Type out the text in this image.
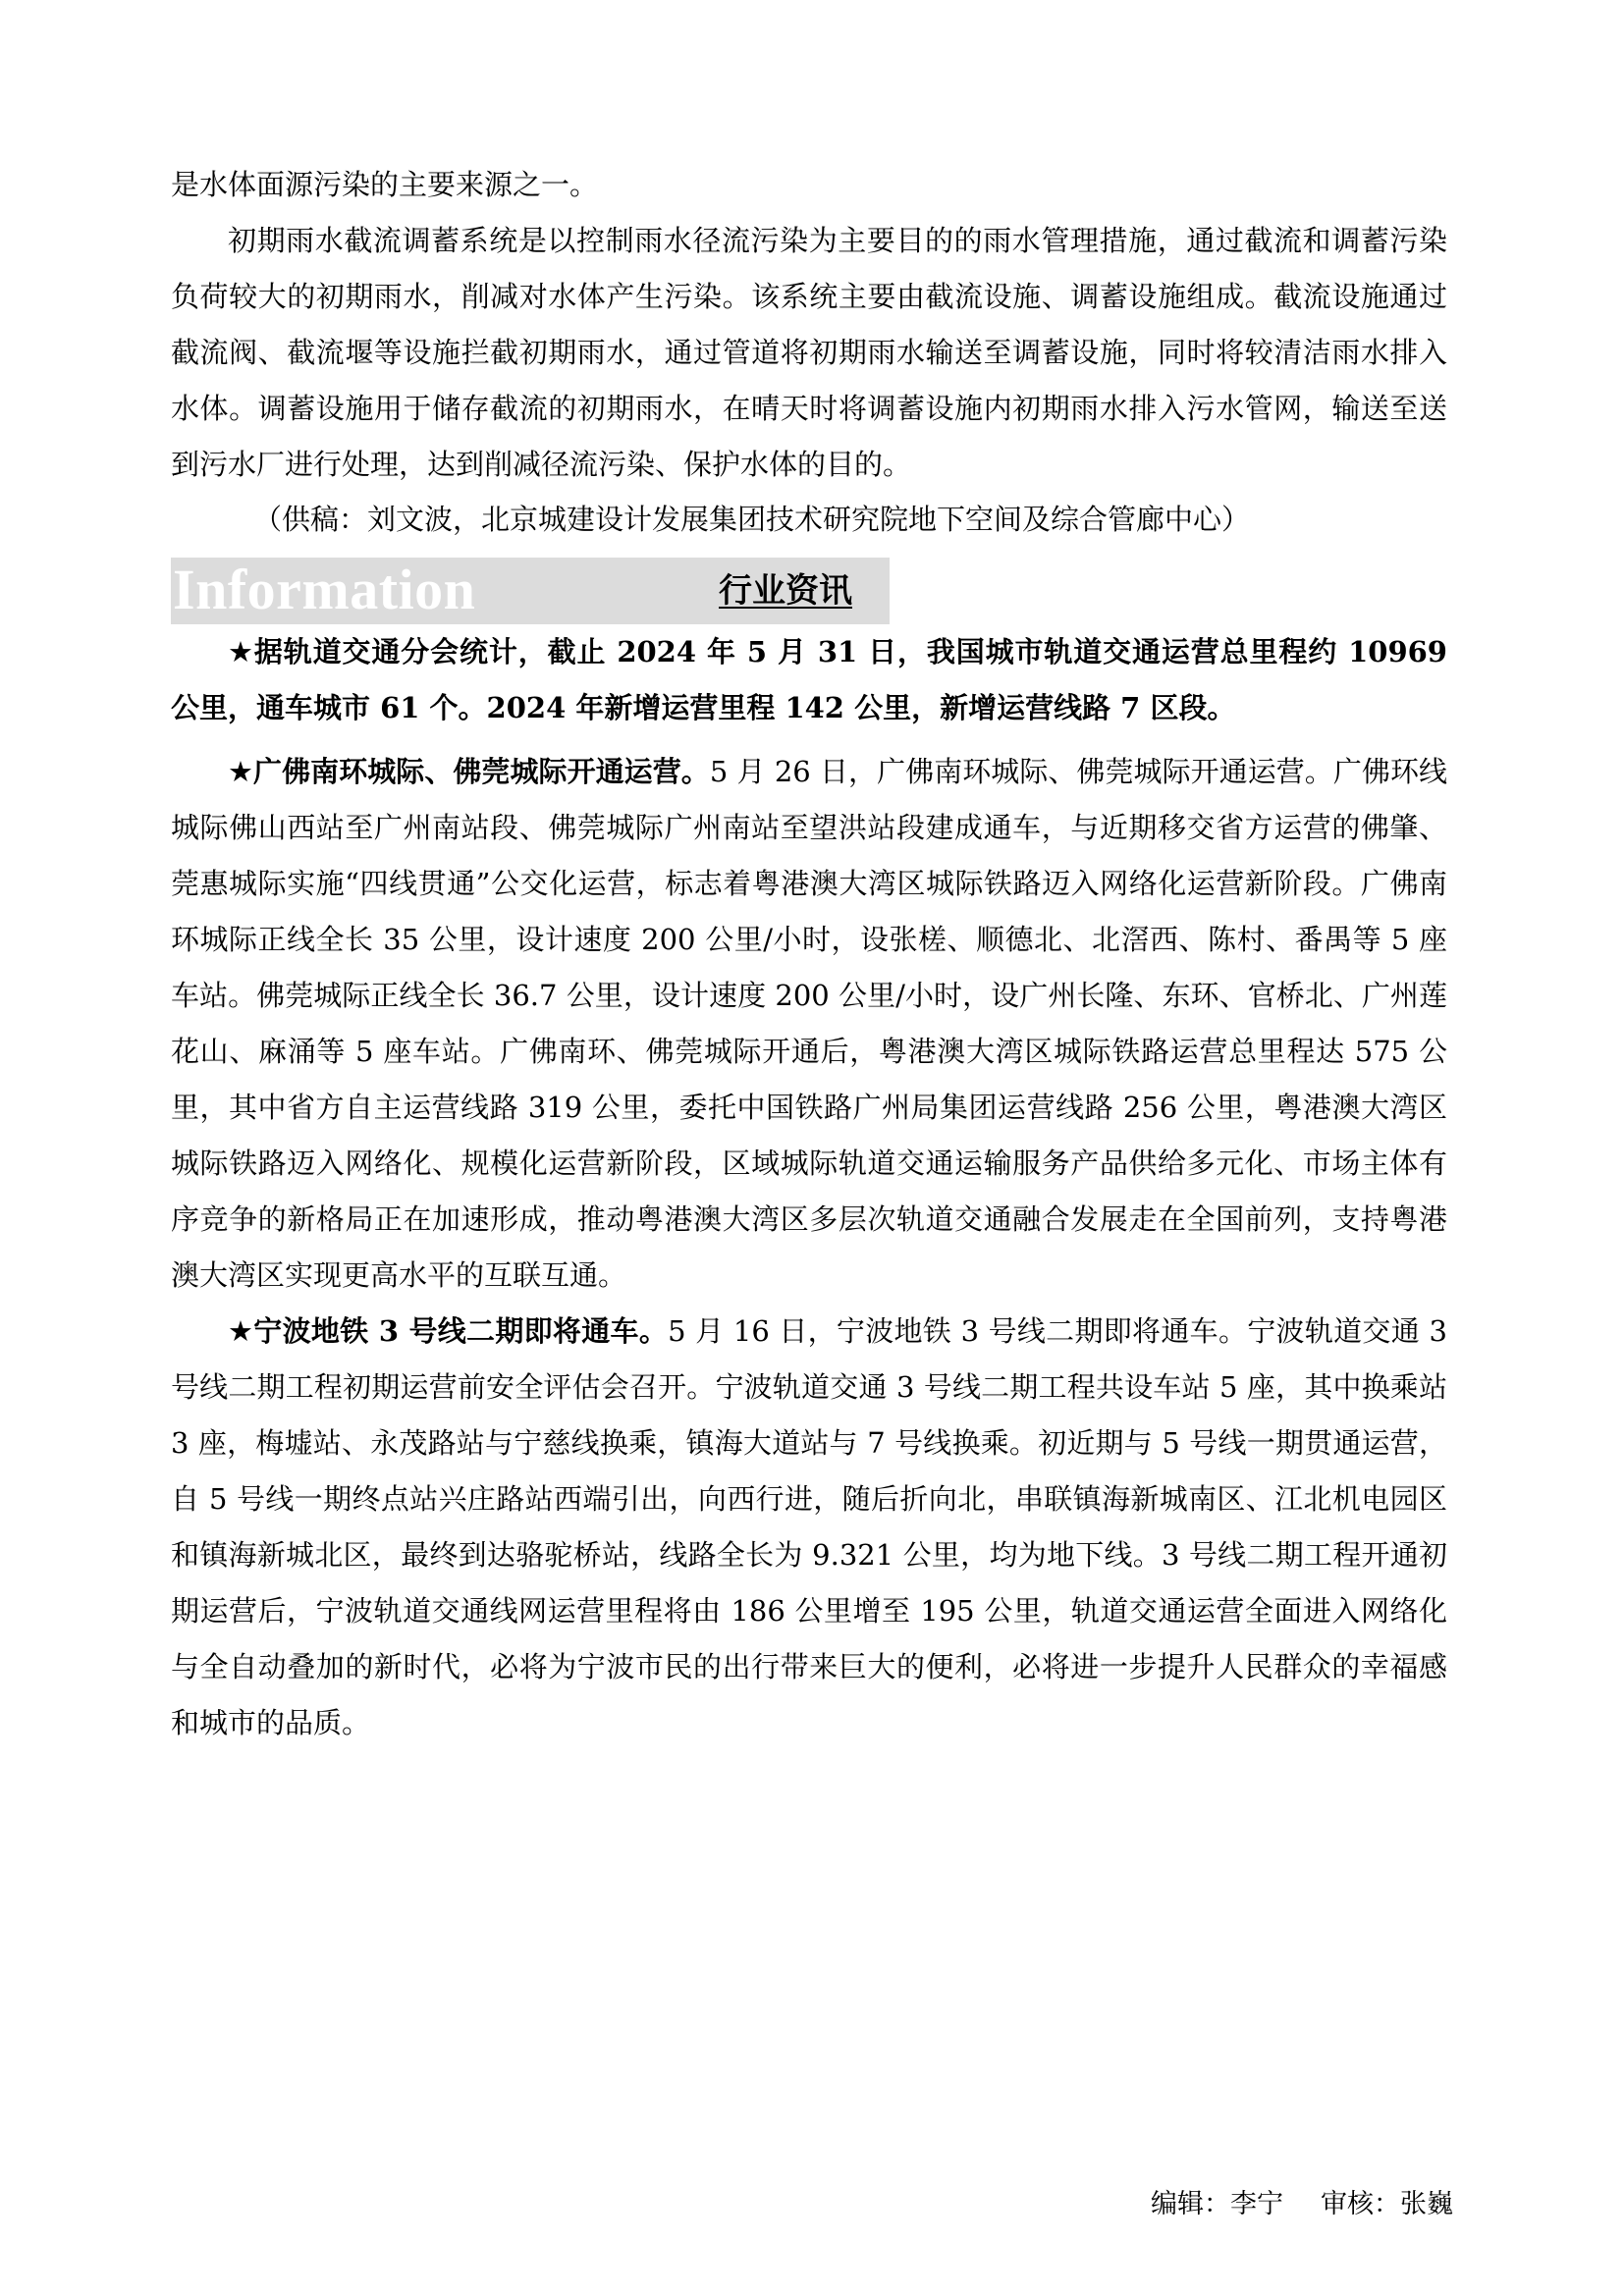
是水体面源污染的主要来源之一。

初期雨水截流调蓄系统是以控制雨水径流污染为主要目的的雨水管理措施，通过截流和调蓄污染负荷较大的初期雨水，削减对水体产生污染。该系统主要由截流设施、调蓄设施组成。截流设施通过截流阀、截流堰等设施拦截初期雨水，通过管道将初期雨水输送至调蓄设施，同时将较清洁雨水排入水体。调蓄设施用于储存截流的初期雨水，在晴天时将调蓄设施内初期雨水排入污水管网，输送至送到污水厂进行处理，达到削减径流污染、保护水体的目的。

（供稿：刘文波，北京城建设计发展集团技术研究院地下空间及综合管廊中心）

Information	行业资讯

★据轨道交通分会统计，截止 2024 年 5 月 31 日，我国城市轨道交通运营总里程约 10969 公里，通车城市 61 个。2024 年新增运营里程 142 公里，新增运营线路 7 区段。

★广佛南环城际、佛莞城际开通运营。5 月 26 日，广佛南环城际、佛莞城际开通运营。广佛环线城际佛山西站至广州南站段、佛莞城际广州南站至望洪站段建成通车，与近期移交省方运营的佛肇、莞惠城际实施“四线贯通”公交化运营，标志着粤港澳大湾区城际铁路迈入网络化运营新阶段。广佛南环城际正线全长 35 公里，设计速度 200 公里/小时，设张槎、顺德北、北滘西、陈村、番禺等 5 座车站。佛莞城际正线全长 36.7 公里，设计速度 200 公里/小时，设广州长隆、东环、官桥北、广州莲花山、麻涌等 5 座车站。广佛南环、佛莞城际开通后，粤港澳大湾区城际铁路运营总里程达 575 公里，其中省方自主运营线路 319 公里，委托中国铁路广州局集团运营线路 256 公里，粤港澳大湾区城际铁路迈入网络化、规模化运营新阶段，区域城际轨道交通运输服务产品供给多元化、市场主体有序竞争的新格局正在加速形成，推动粤港澳大湾区多层次轨道交通融合发展走在全国前列，支持粤港澳大湾区实现更高水平的互联互通。

★宁波地铁 3 号线二期即将通车。5 月 16 日，宁波地铁 3 号线二期即将通车。宁波轨道交通 3 号线二期工程初期运营前安全评估会召开。宁波轨道交通 3 号线二期工程共设车站 5 座，其中换乘站 3 座，梅墟站、永茂路站与宁慈线换乘，镇海大道站与 7 号线换乘。初近期与 5 号线一期贯通运营，自 5 号线一期终点站兴庄路站西端引出，向西行进，随后折向北，串联镇海新城南区、江北机电园区和镇海新城北区，最终到达骆驼桥站，线路全长为 9.321 公里，均为地下线。3 号线二期工程开通初期运营后，宁波轨道交通线网运营里程将由 186 公里增至 195 公里，轨道交通运营全面进入网络化与全自动叠加的新时代，必将为宁波市民的出行带来巨大的便利，必将进一步提升人民群众的幸福感和城市的品质。

编辑：李宁 审核：张巍
